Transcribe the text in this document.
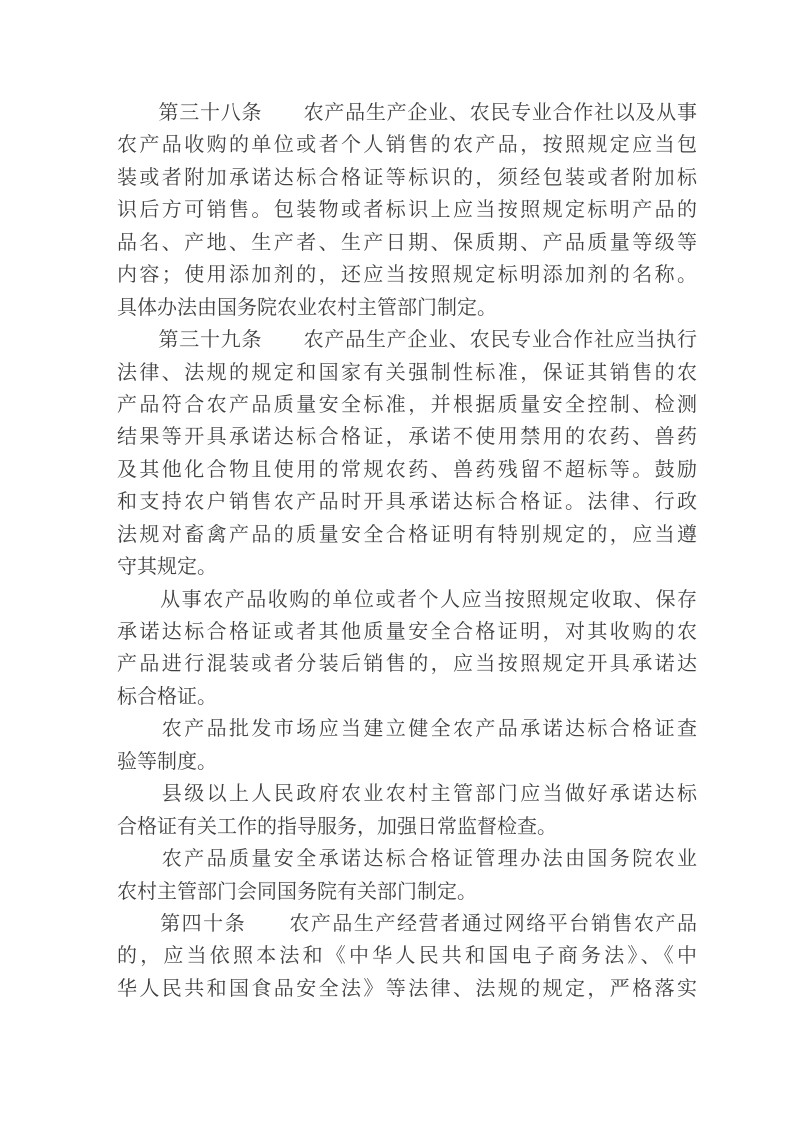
　　第三十八条　　农产品生产企业、农民专业合作社以及从事
农产品收购的单位或者个人销售的农产品，按照规定应当包
装或者附加承诺达标合格证等标识的，须经包装或者附加标
识后方可销售。包装物或者标识上应当按照规定标明产品的
品名、产地、生产者、生产日期、保质期、产品质量等级等
内容；使用添加剂的，还应当按照规定标明添加剂的名称。
具体办法由国务院农业农村主管部门制定。
　　第三十九条　　农产品生产企业、农民专业合作社应当执行
法律、法规的规定和国家有关强制性标准，保证其销售的农
产品符合农产品质量安全标准，并根据质量安全控制、检测
结果等开具承诺达标合格证，承诺不使用禁用的农药、兽药
及其他化合物且使用的常规农药、兽药残留不超标等。鼓励
和支持农户销售农产品时开具承诺达标合格证。法律、行政
法规对畜禽产品的质量安全合格证明有特别规定的，应当遵
守其规定。
　　从事农产品收购的单位或者个人应当按照规定收取、保存
承诺达标合格证或者其他质量安全合格证明，对其收购的农
产品进行混装或者分装后销售的，应当按照规定开具承诺达
标合格证。
　　农产品批发市场应当建立健全农产品承诺达标合格证查
验等制度。
　　县级以上人民政府农业农村主管部门应当做好承诺达标
合格证有关工作的指导服务，加强日常监督检查。
　　农产品质量安全承诺达标合格证管理办法由国务院农业
农村主管部门会同国务院有关部门制定。
　　第四十条　　农产品生产经营者通过网络平台销售农产品
的，应当依照本法和《中华人民共和国电子商务法》、《中
华人民共和国食品安全法》等法律、法规的规定，严格落实
